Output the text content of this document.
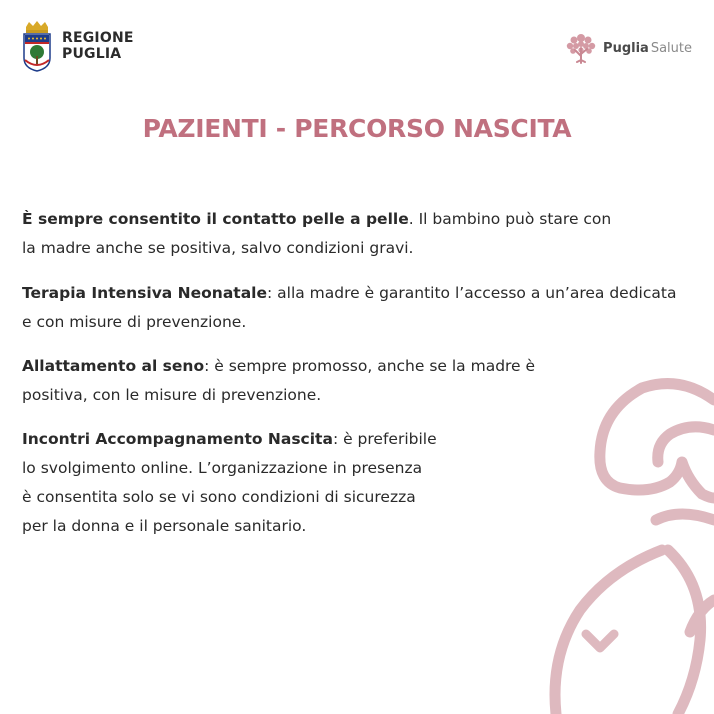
REGIONE
PUGLIA	Puglia Salute
PAZIENTI - PERCORSO NASCITA
È sempre consentito il contatto pelle a pelle. Il bambino può stare con
la madre anche se positiva, salvo condizioni gravi.
Terapia Intensiva Neonatale: alla madre è garantito l’accesso a un’area dedicata
e con misure di prevenzione.
Allattamento al seno: è sempre promosso, anche se la madre è
positiva, con le misure di prevenzione.
Incontri Accompagnamento Nascita: è preferibile
lo svolgimento online. L’organizzazione in presenza
è consentita solo se vi sono condizioni di sicurezza
per la donna e il personale sanitario.
